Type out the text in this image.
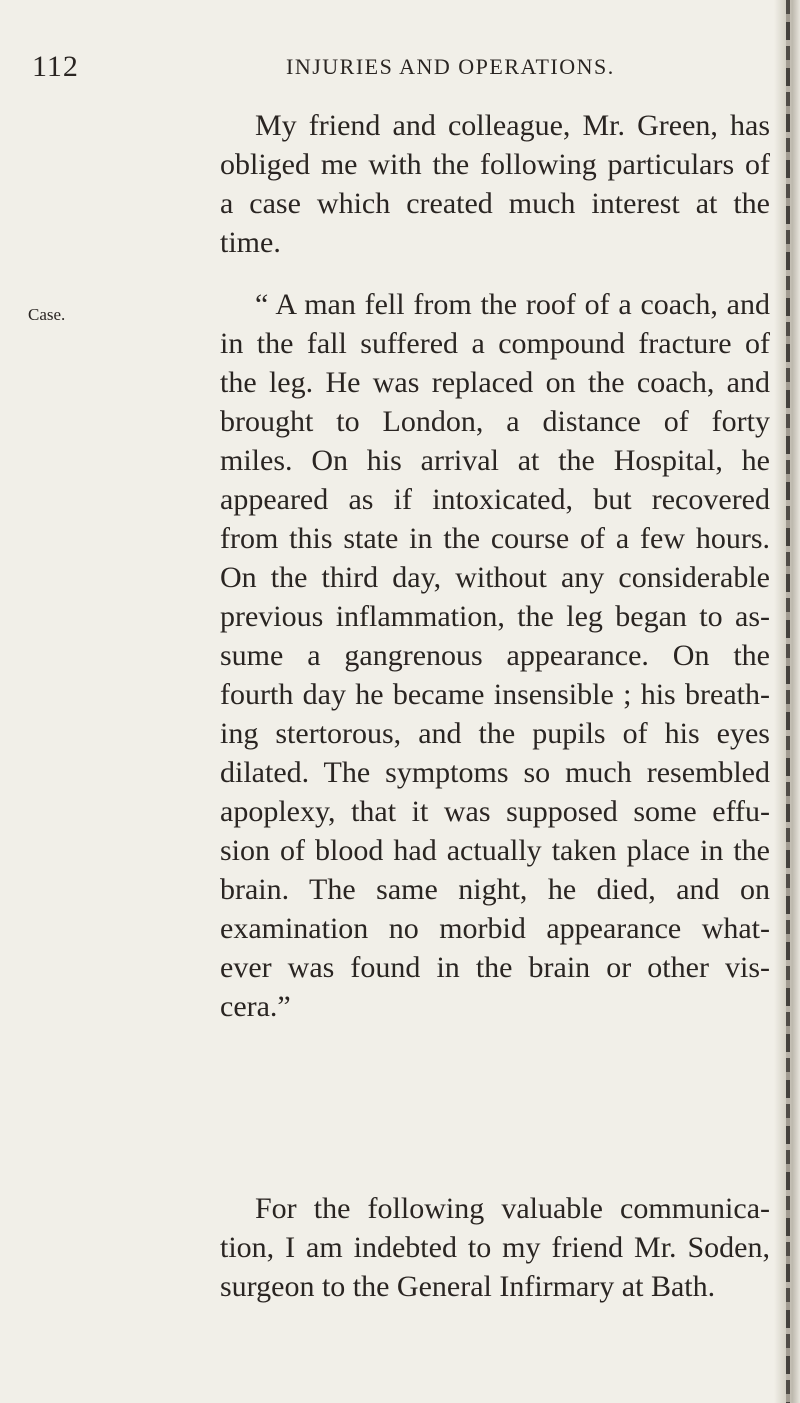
112	INJURIES AND OPERATIONS.
Case.
My friend and colleague, Mr. Green, has
obliged me with the following particulars of
a case which created much interest at the
time.
“ A man fell from the roof of a coach, and
in the fall suffered a compound fracture of
the leg. He was replaced on the coach, and
brought to London, a distance of forty
miles. On his arrival at the Hospital, he
appeared as if intoxicated, but recovered
from this state in the course of a few hours.
On the third day, without any considerable
previous inflammation, the leg began to as-
sume a gangrenous appearance. On the
fourth day he became insensible ; his breath-
ing stertorous, and the pupils of his eyes
dilated. The symptoms so much resembled
apoplexy, that it was supposed some effu-
sion of blood had actually taken place in the
brain. The same night, he died, and on
examination no morbid appearance what-
ever was found in the brain or other vis-
cera.”
For the following valuable communica-
tion, I am indebted to my friend Mr. Soden,
surgeon to the General Infirmary at Bath.
